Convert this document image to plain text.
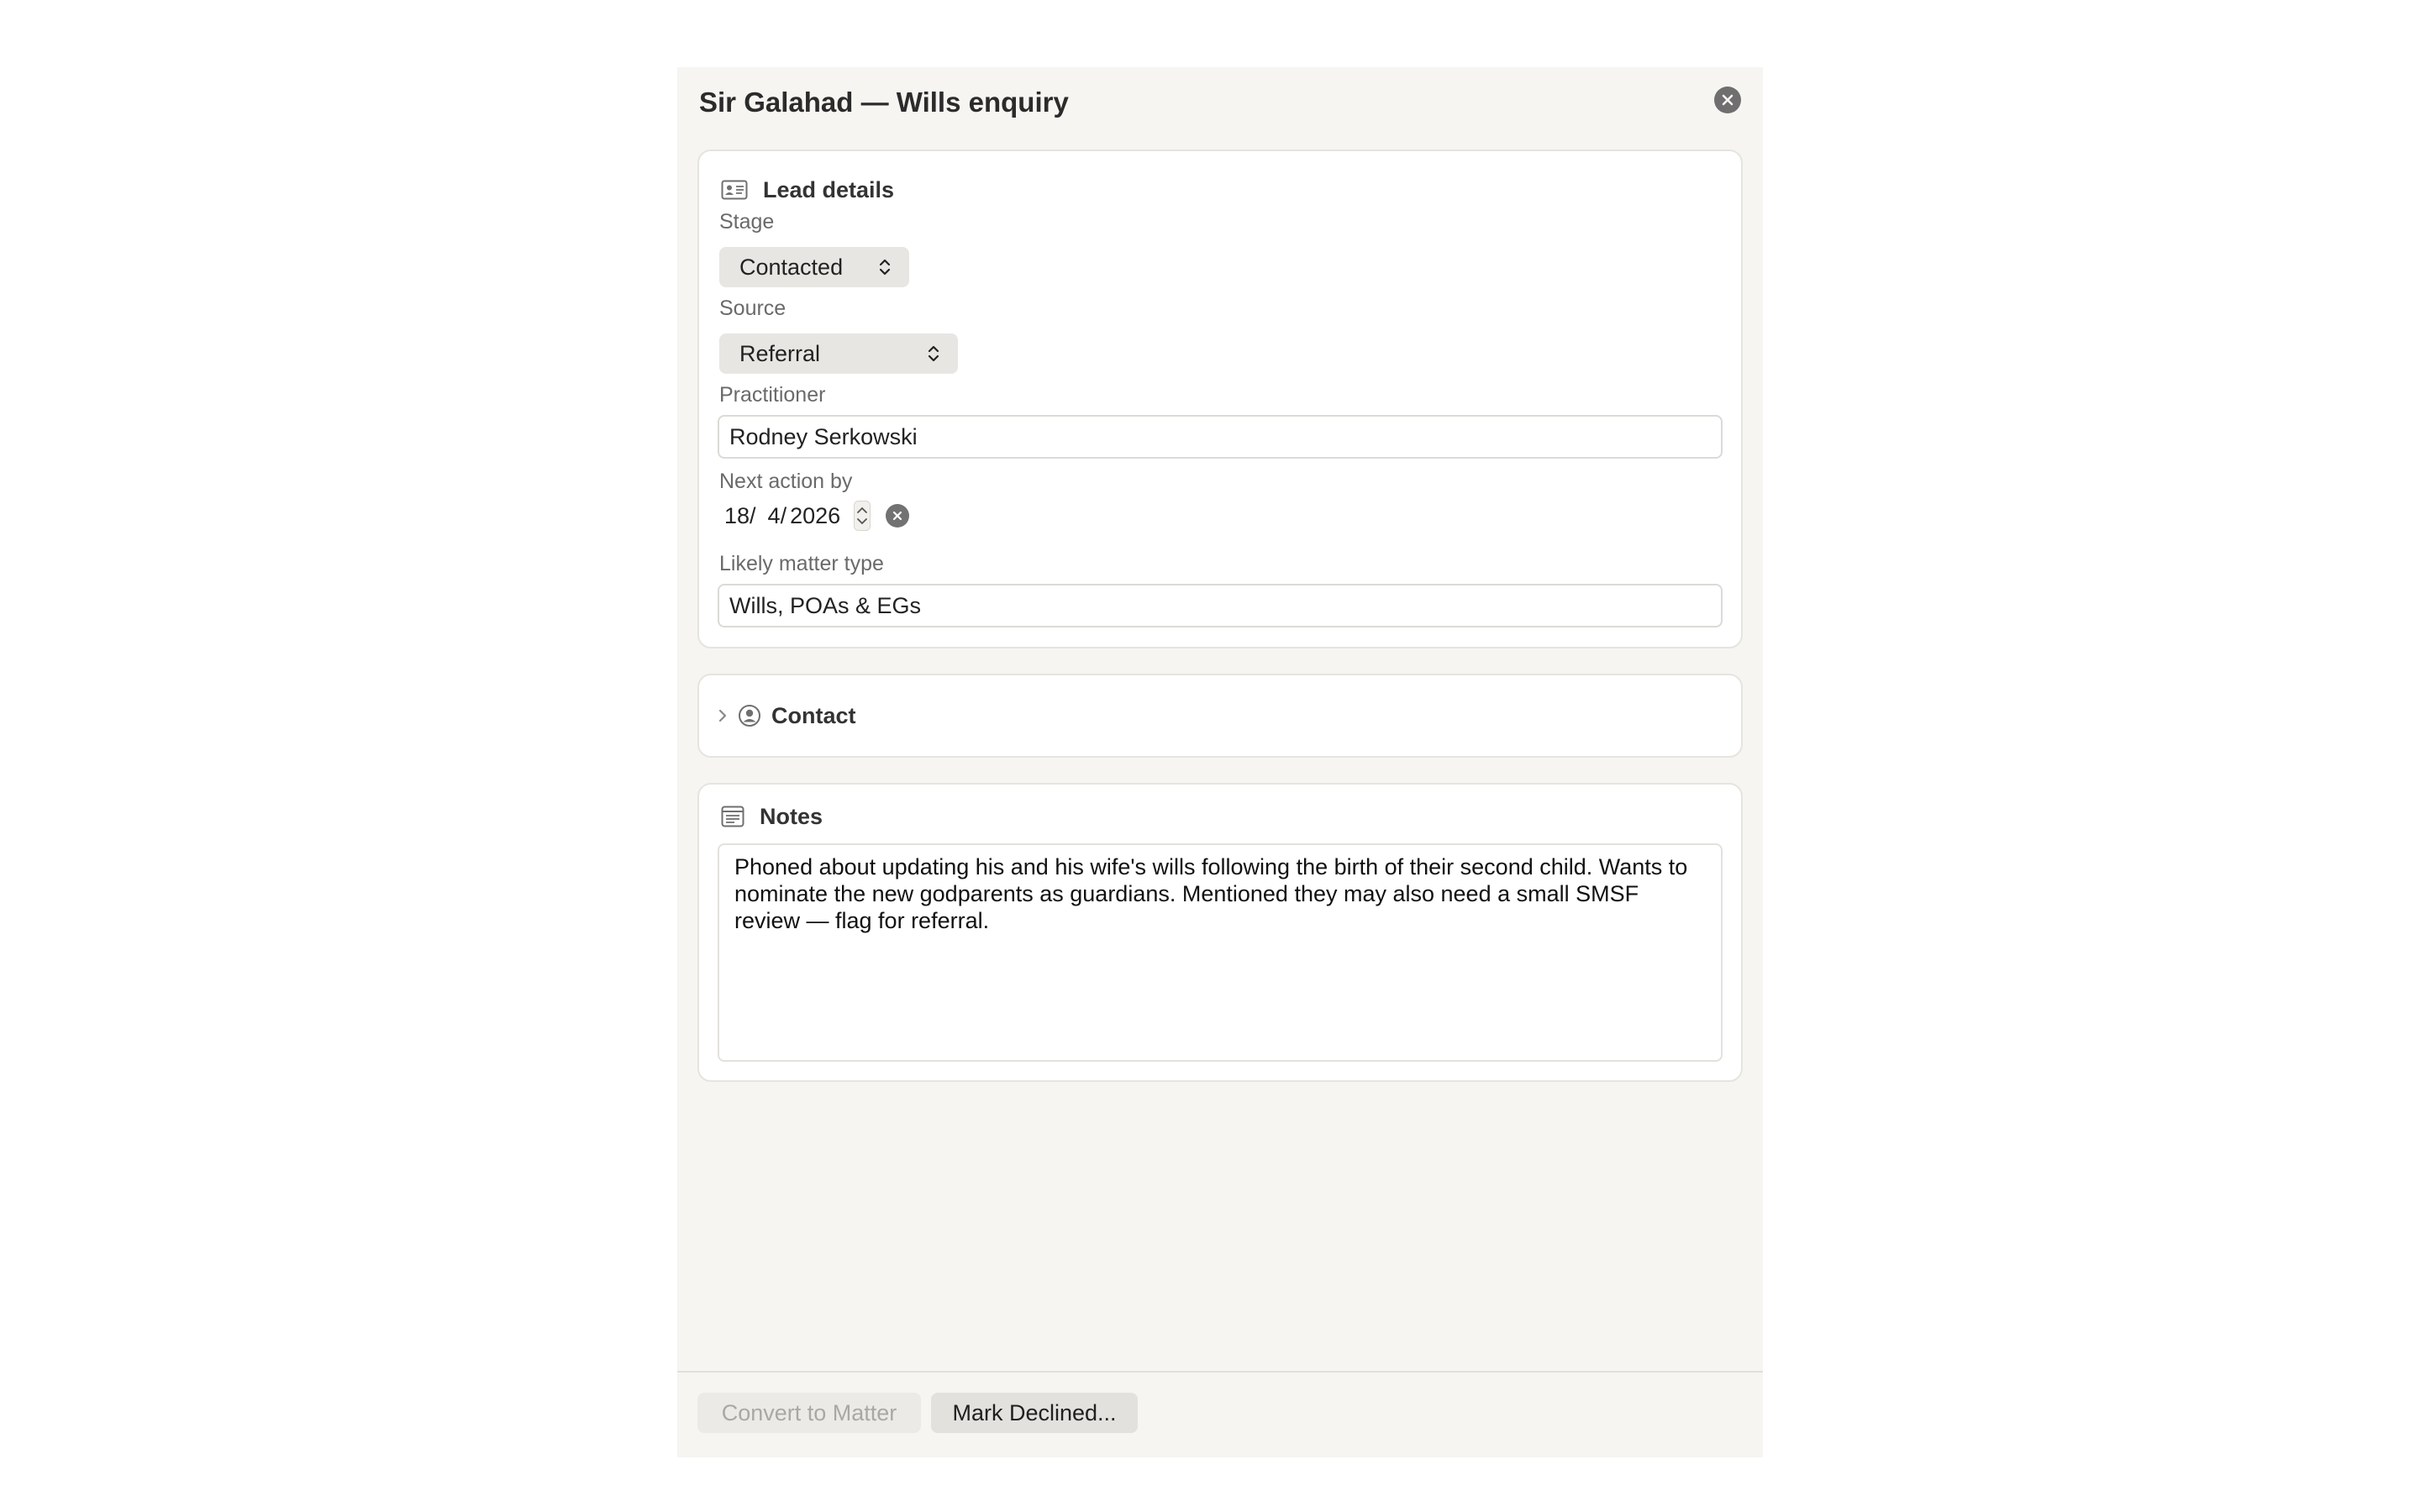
Sir Galahad — Wills enquiry
Lead details
Stage
Contacted
Source
Referral
Practitioner
Rodney Serkowski
Next action by
18/ 4/ 2026
Likely matter type
Wills, POAs & EGs
Contact
Notes
Phoned about updating his and his wife's wills following the birth of their second child. Wants to nominate the new godparents as guardians. Mentioned they may also need a small SMSF review — flag for referral.
Convert to Matter	Mark Declined...
